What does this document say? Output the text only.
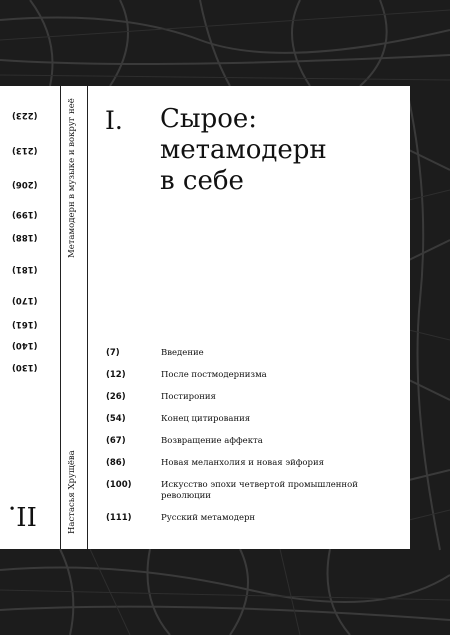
(223)
(213)
(206)
(199)
(188)
(181)
(170)
(161)
(140)
(130)
II.
Метамодерн в музыке и вокруг неё
Настасья Хрущёва
I. Сырое:
метамодерн
в себе
(7)	Введение
(12)	После постмодернизма
(26)	Постирония
(54)	Конец цитирования
(67)	Возвращение аффекта
(86)	Новая меланхолия и новая эйфория
(100)	Искусство эпохи четвертой промышленной революции
(111)	Русский метамодерн
